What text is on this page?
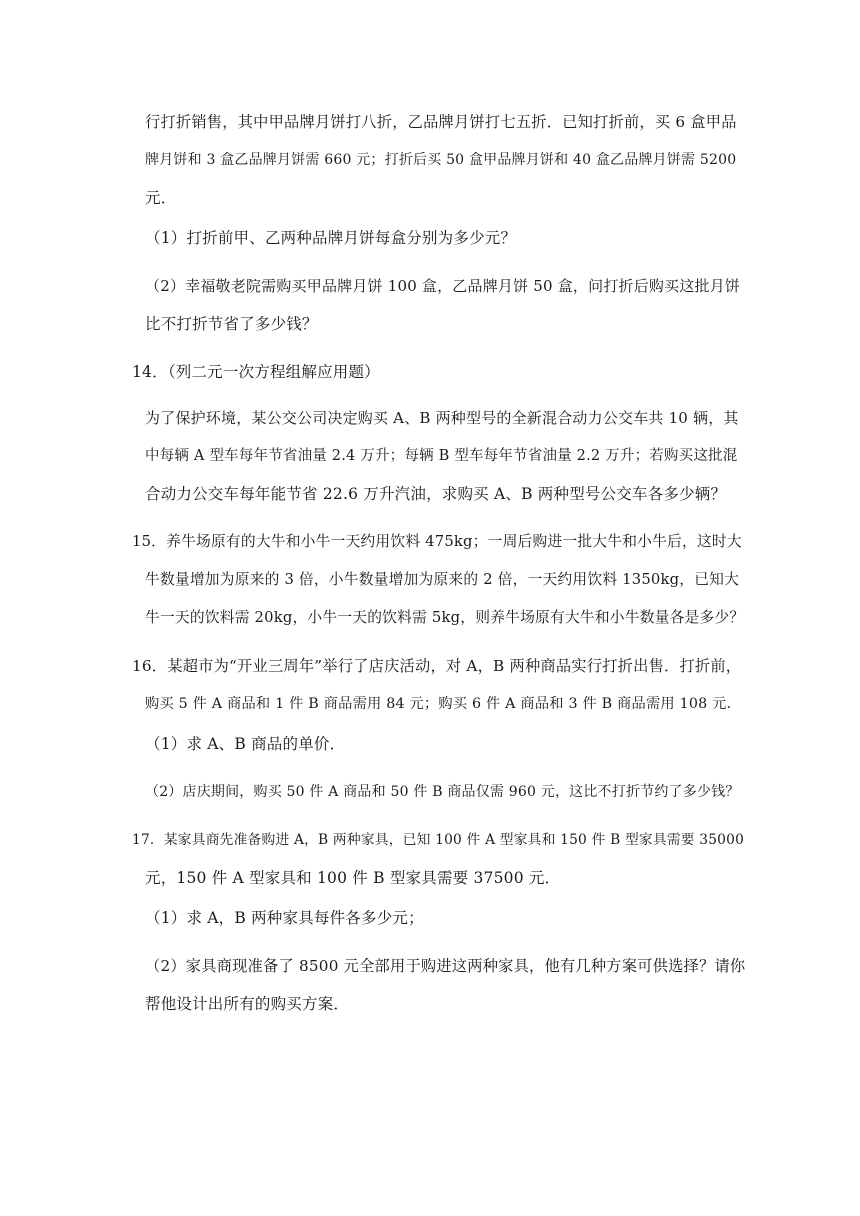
行打折销售，其中甲品牌月饼打八折，乙品牌月饼打七五折．已知打折前，买 6 盒甲品
牌月饼和 3 盒乙品牌月饼需 660 元；打折后买 50 盒甲品牌月饼和 40 盒乙品牌月饼需 5200
元．
（1）打折前甲、乙两种品牌月饼每盒分别为多少元？
（2）幸福敬老院需购买甲品牌月饼 100 盒，乙品牌月饼 50 盒，问打折后购买这批月饼
比不打折节省了多少钱？
14．（列二元一次方程组解应用题）
为了保护环境，某公交公司决定购买 A、B 两种型号的全新混合动力公交车共 10 辆，其
中每辆 A 型车每年节省油量 2.4 万升；每辆 B 型车每年节省油量 2.2 万升；若购买这批混
合动力公交车每年能节省 22.6 万升汽油，求购买 A、B 两种型号公交车各多少辆？
15．养牛场原有的大牛和小牛一天约用饮料 475kg；一周后购进一批大牛和小牛后，这时大
牛数量增加为原来的 3 倍，小牛数量增加为原来的 2 倍，一天约用饮料 1350kg，已知大
牛一天的饮料需 20kg，小牛一天的饮料需 5kg，则养牛场原有大牛和小牛数量各是多少？
16．某超市为“开业三周年”举行了店庆活动，对 A，B 两种商品实行打折出售．打折前，
购买 5 件 A 商品和 1 件 B 商品需用 84 元；购买 6 件 A 商品和 3 件 B 商品需用 108 元．
（1）求 A、B 商品的单价．
（2）店庆期间，购买 50 件 A 商品和 50 件 B 商品仅需 960 元，这比不打折节约了多少钱？
17．某家具商先准备购进 A，B 两种家具，已知 100 件 A 型家具和 150 件 B 型家具需要 35000
元，150 件 A 型家具和 100 件 B 型家具需要 37500 元．
（1）求 A，B 两种家具每件各多少元；
（2）家具商现准备了 8500 元全部用于购进这两种家具，他有几种方案可供选择？请你
帮他设计出所有的购买方案．
